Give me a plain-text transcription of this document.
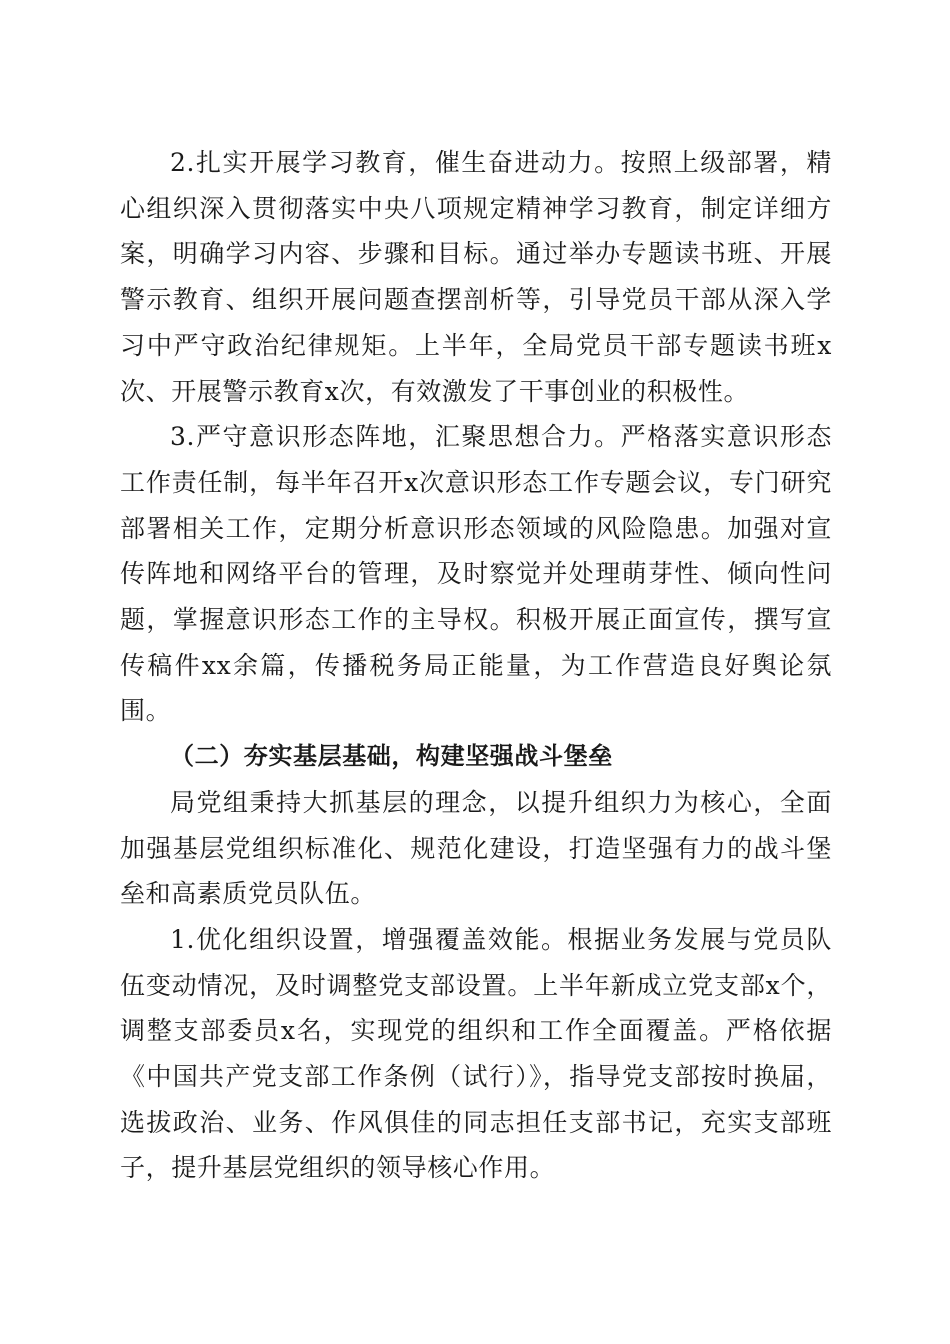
2.扎实开展学习教育，催生奋进动力。按照上级部署，精心组织深入贯彻落实中央八项规定精神学习教育，制定详细方案，明确学习内容、步骤和目标。通过举办专题读书班、开展警示教育、组织开展问题查摆剖析等，引导党员干部从深入学习中严守政治纪律规矩。上半年，全局党员干部专题读书班x次、开展警示教育x次，有效激发了干事创业的积极性。

3.严守意识形态阵地，汇聚思想合力。严格落实意识形态工作责任制，每半年召开x次意识形态工作专题会议，专门研究部署相关工作，定期分析意识形态领域的风险隐患。加强对宣传阵地和网络平台的管理，及时察觉并处理萌芽性、倾向性问题，掌握意识形态工作的主导权。积极开展正面宣传，撰写宣传稿件xx余篇，传播税务局正能量，为工作营造良好舆论氛围。

（二）夯实基层基础，构建坚强战斗堡垒

局党组秉持大抓基层的理念，以提升组织力为核心，全面加强基层党组织标准化、规范化建设，打造坚强有力的战斗堡垒和高素质党员队伍。

1.优化组织设置，增强覆盖效能。根据业务发展与党员队伍变动情况，及时调整党支部设置。上半年新成立党支部x个，调整支部委员x名，实现党的组织和工作全面覆盖。严格依据《中国共产党支部工作条例（试行）》，指导党支部按时换届，选拔政治、业务、作风俱佳的同志担任支部书记，充实支部班子，提升基层党组织的领导核心作用。
